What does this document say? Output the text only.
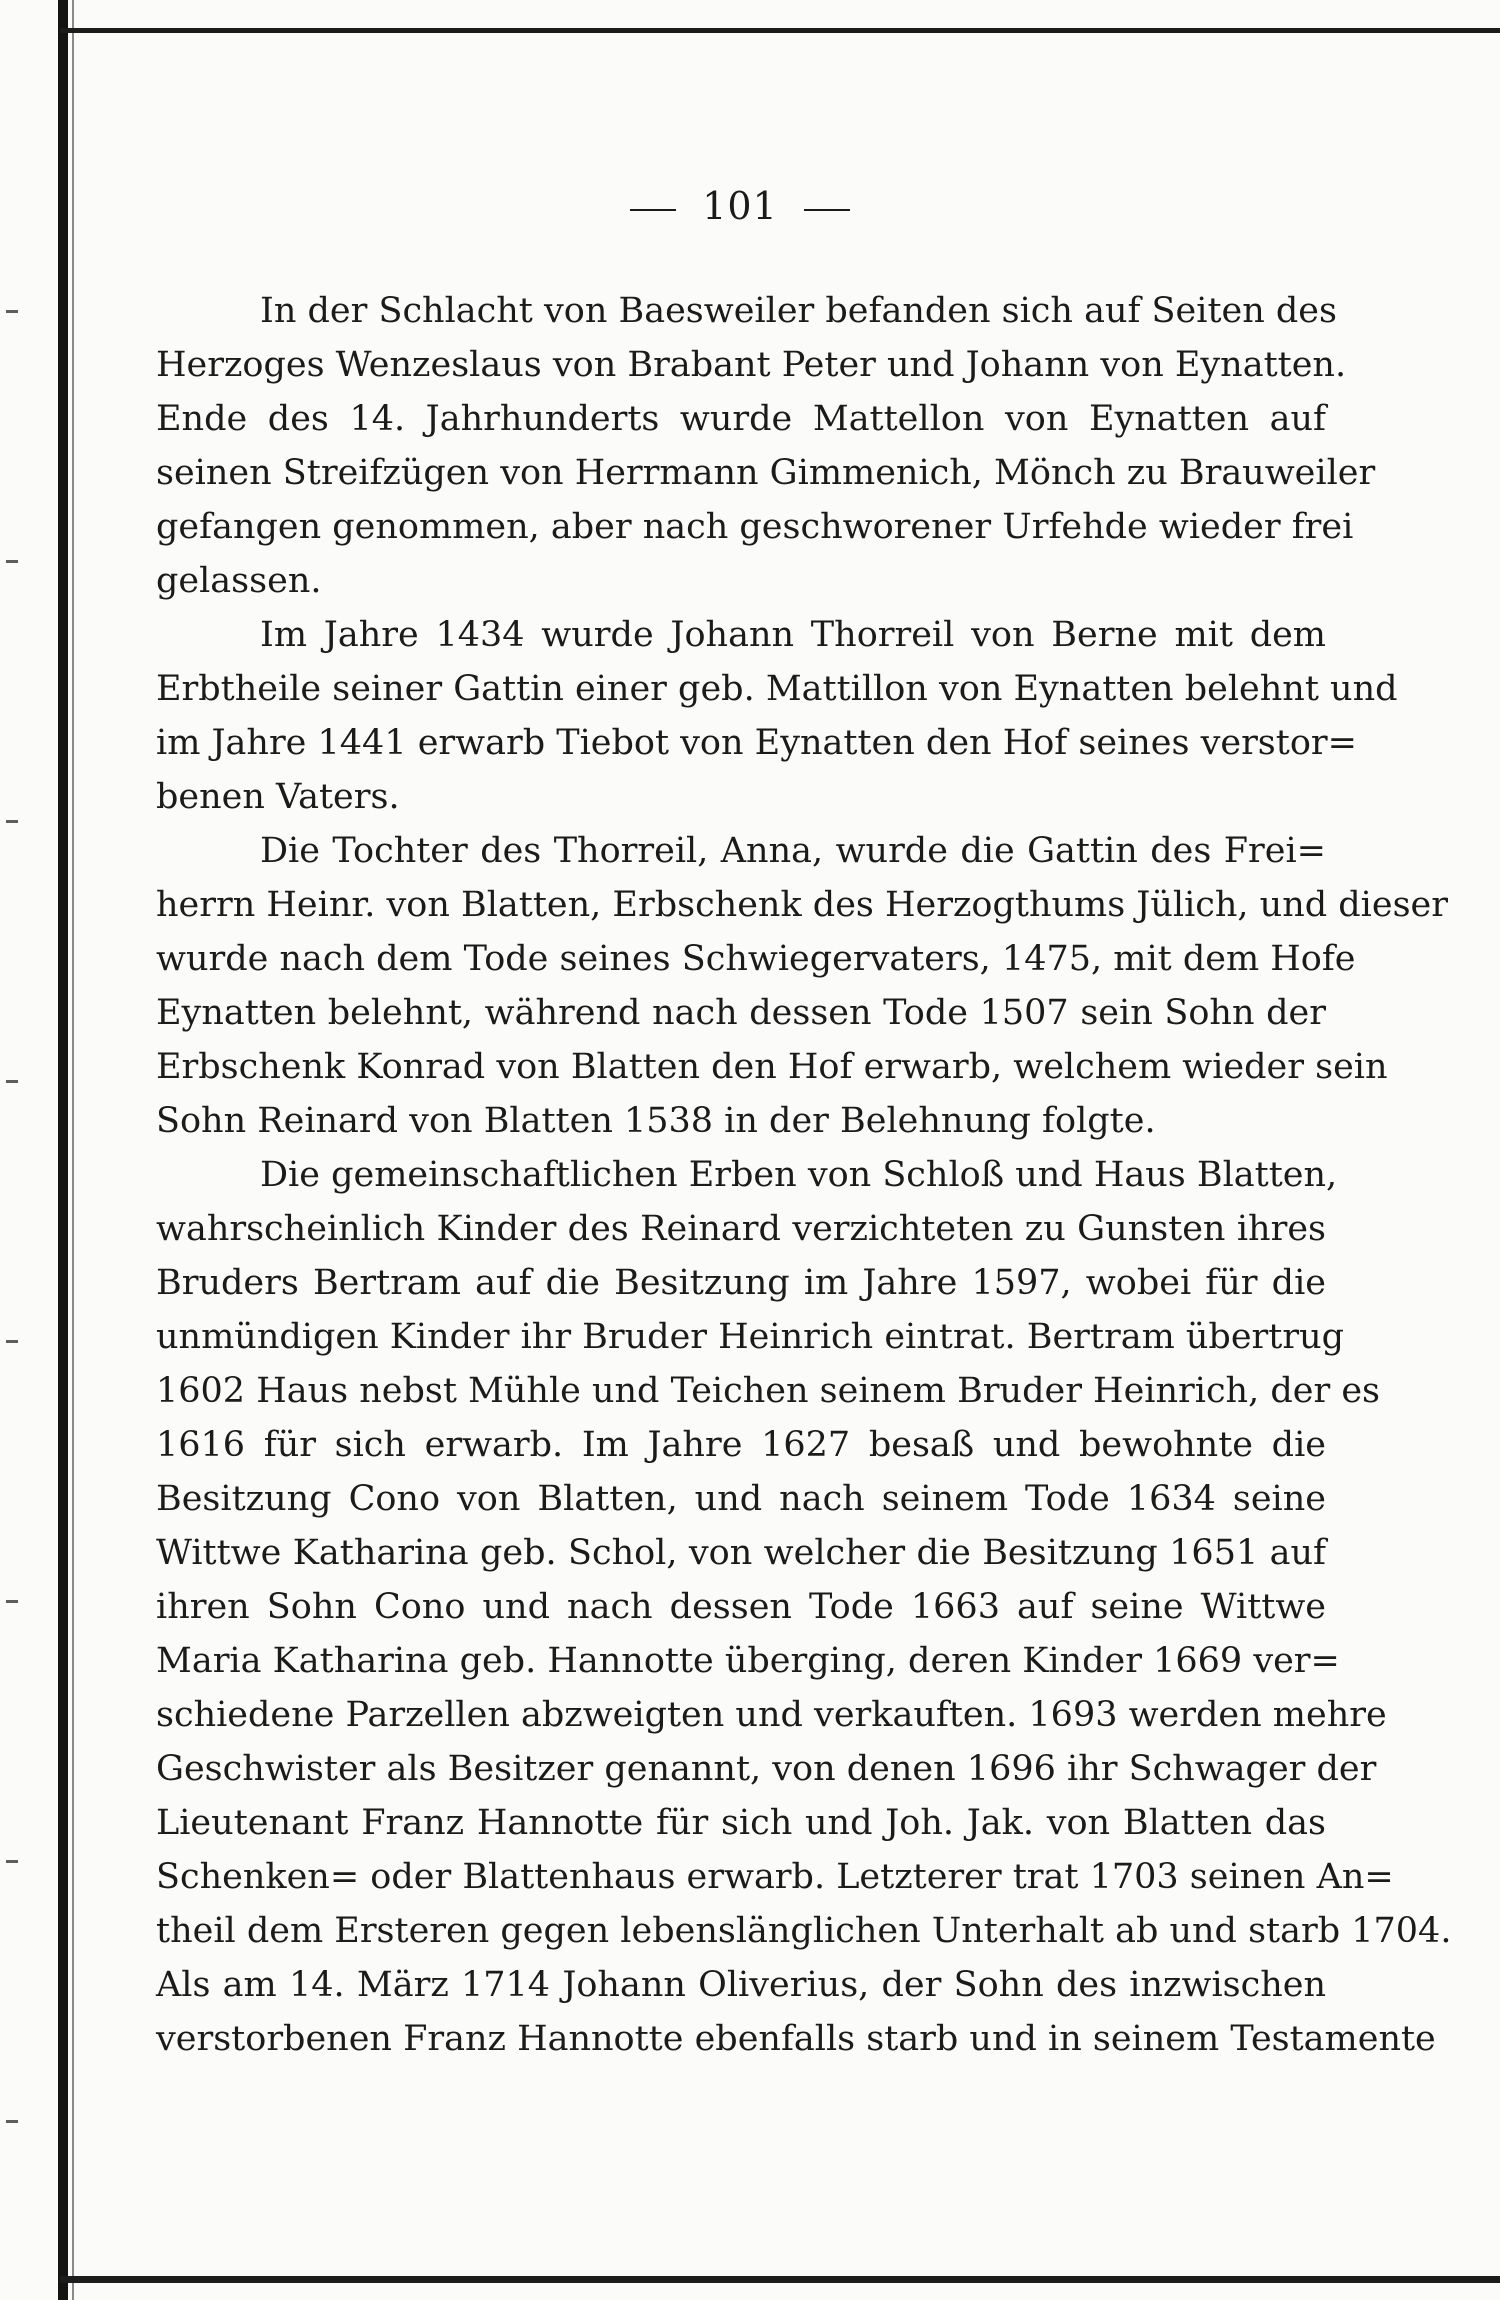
101
In der Schlacht von Baesweiler befanden sich auf Seiten des
Herzoges Wenzeslaus von Brabant Peter und Johann von Eynatten.
Ende des 14. Jahrhunderts wurde Mattellon von Eynatten auf
seinen Streifzügen von Herrmann Gimmenich, Mönch zu Brauweiler
gefangen genommen, aber nach geschworener Urfehde wieder frei
gelassen.
Im Jahre 1434 wurde Johann Thorreil von Berne mit dem
Erbtheile seiner Gattin einer geb. Mattillon von Eynatten belehnt und
im Jahre 1441 erwarb Tiebot von Eynatten den Hof seines verstor=
benen Vaters.
Die Tochter des Thorreil, Anna, wurde die Gattin des Frei=
herrn Heinr. von Blatten, Erbschenk des Herzogthums Jülich, und dieser
wurde nach dem Tode seines Schwiegervaters, 1475, mit dem Hofe
Eynatten belehnt, während nach dessen Tode 1507 sein Sohn der
Erbschenk Konrad von Blatten den Hof erwarb, welchem wieder sein
Sohn Reinard von Blatten 1538 in der Belehnung folgte.
Die gemeinschaftlichen Erben von Schloß und Haus Blatten,
wahrscheinlich Kinder des Reinard verzichteten zu Gunsten ihres
Bruders Bertram auf die Besitzung im Jahre 1597, wobei für die
unmündigen Kinder ihr Bruder Heinrich eintrat. Bertram übertrug
1602 Haus nebst Mühle und Teichen seinem Bruder Heinrich, der es
1616 für sich erwarb. Im Jahre 1627 besaß und bewohnte die
Besitzung Cono von Blatten, und nach seinem Tode 1634 seine
Wittwe Katharina geb. Schol, von welcher die Besitzung 1651 auf
ihren Sohn Cono und nach dessen Tode 1663 auf seine Wittwe
Maria Katharina geb. Hannotte überging, deren Kinder 1669 ver=
schiedene Parzellen abzweigten und verkauften. 1693 werden mehre
Geschwister als Besitzer genannt, von denen 1696 ihr Schwager der
Lieutenant Franz Hannotte für sich und Joh. Jak. von Blatten das
Schenken= oder Blattenhaus erwarb. Letzterer trat 1703 seinen An=
theil dem Ersteren gegen lebenslänglichen Unterhalt ab und starb 1704.
Als am 14. März 1714 Johann Oliverius, der Sohn des inzwischen
verstorbenen Franz Hannotte ebenfalls starb und in seinem Testamente
